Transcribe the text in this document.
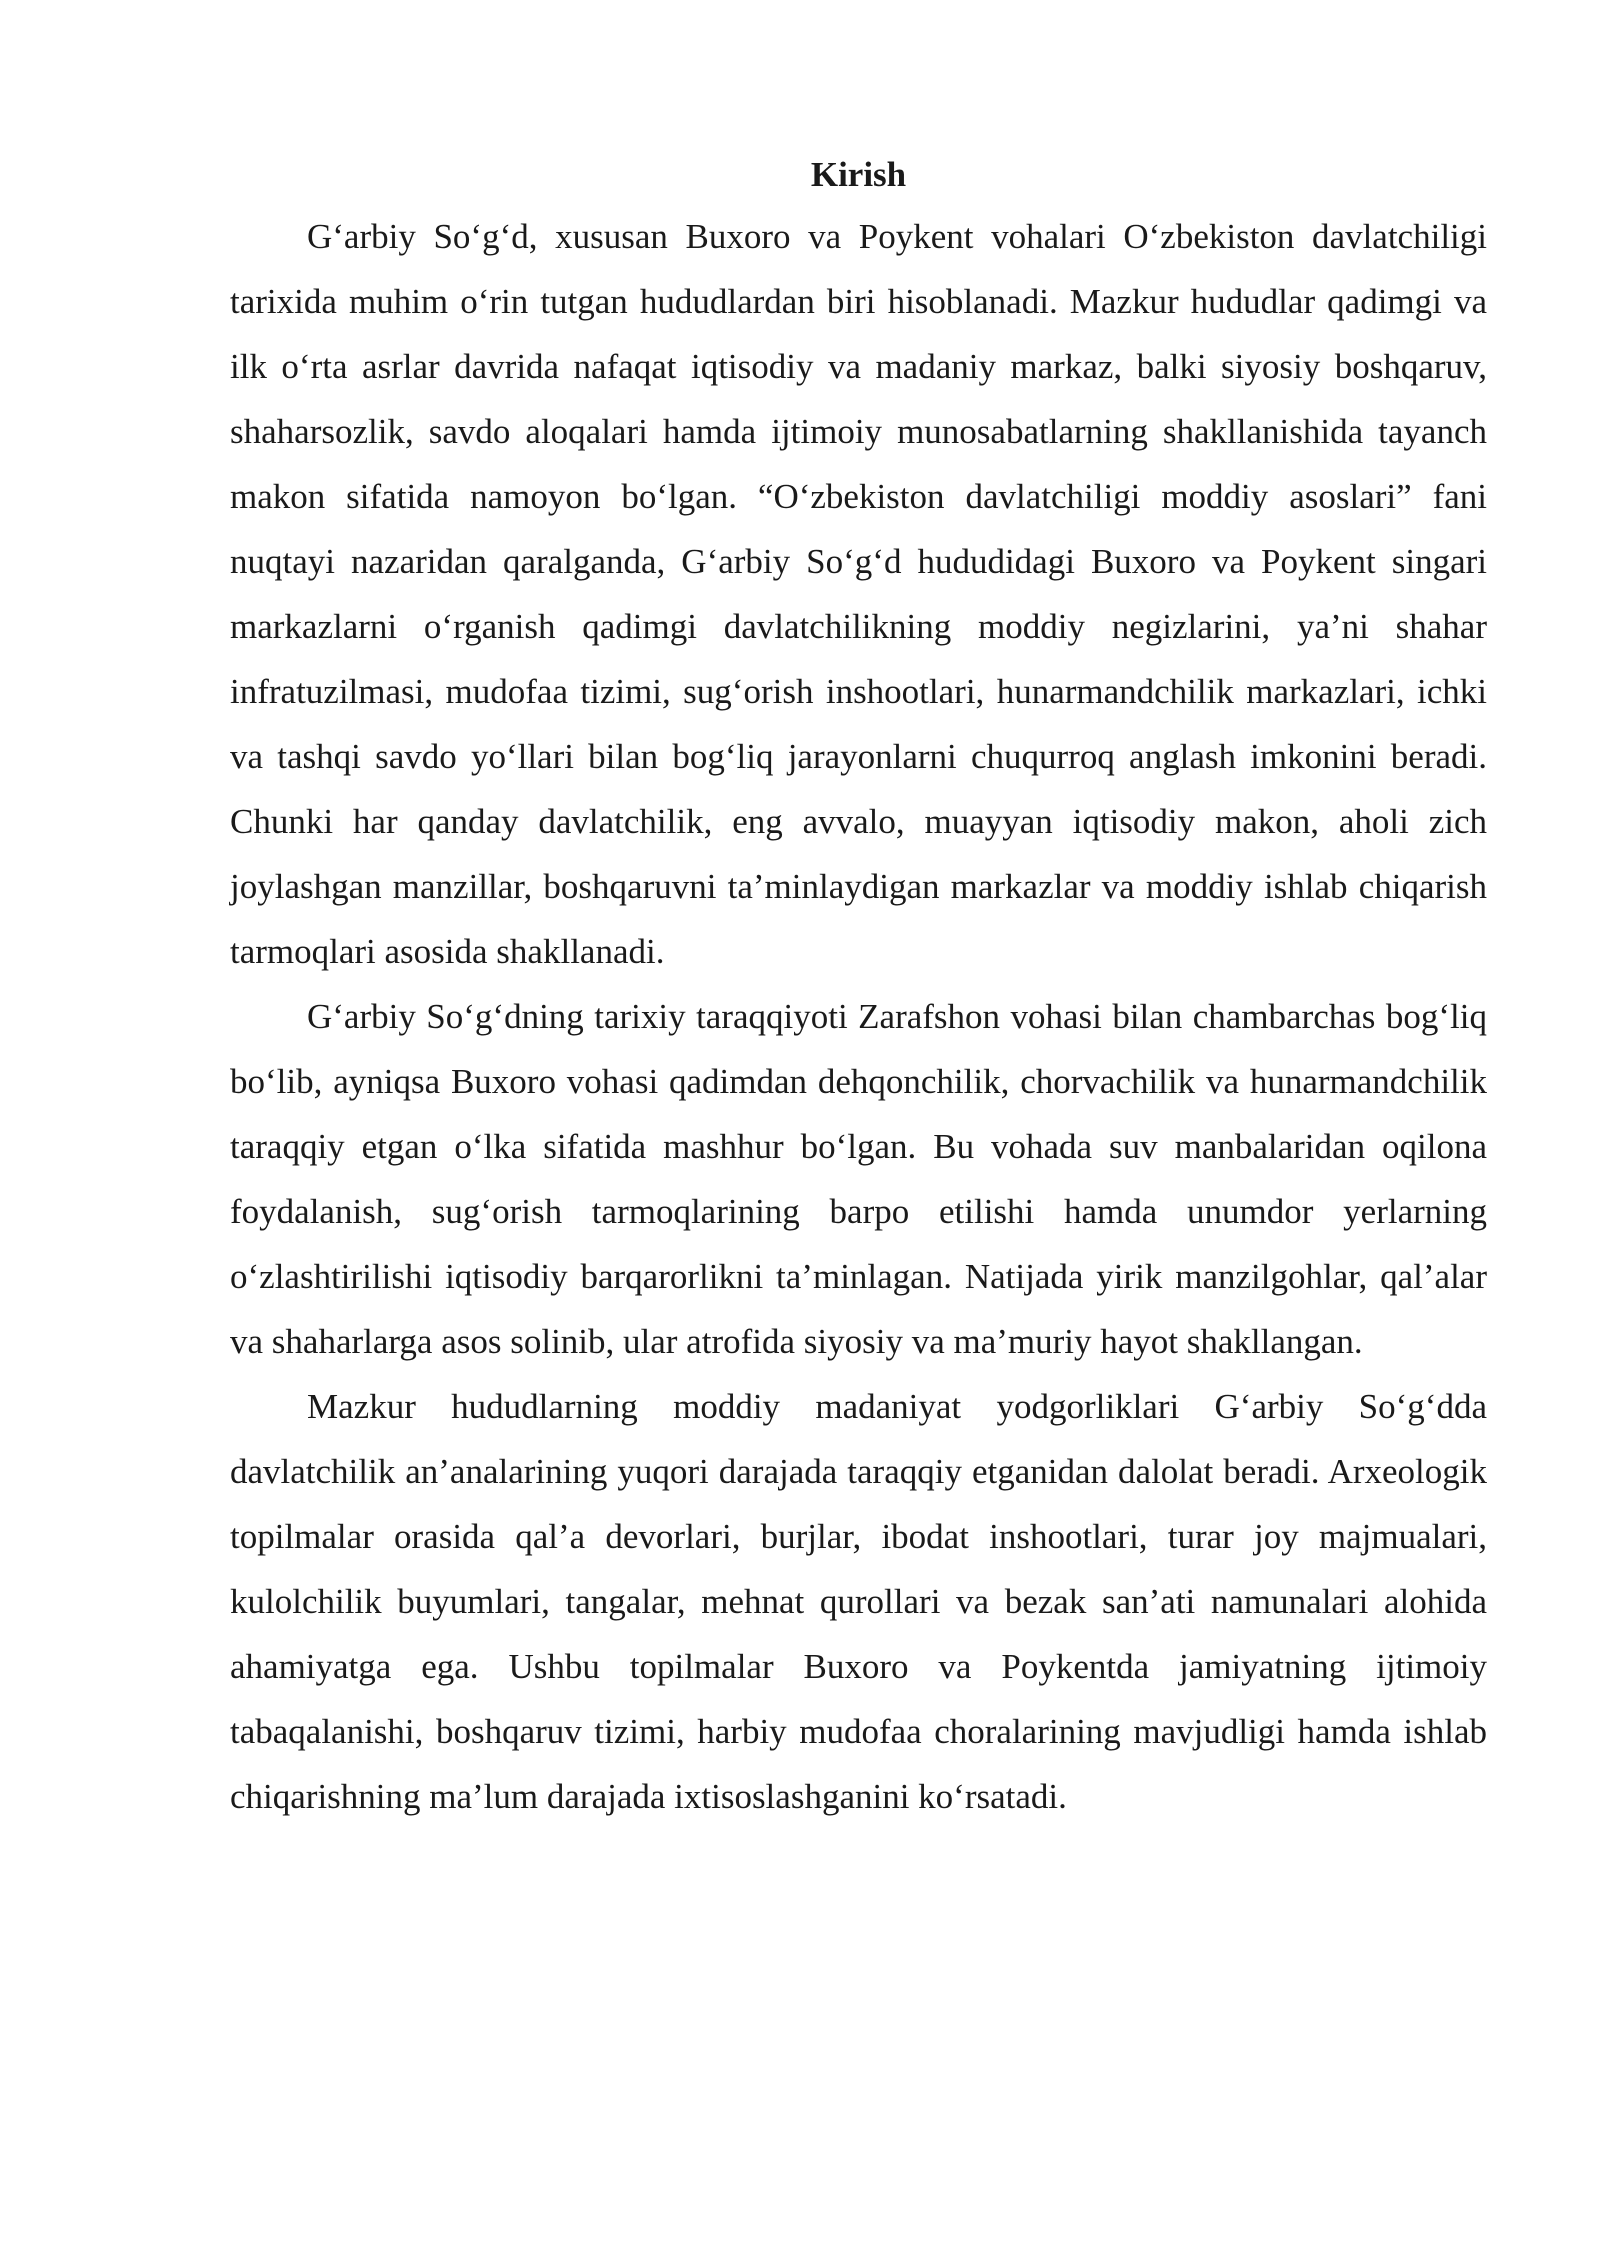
Kirish

G‘arbiy So‘g‘d, xususan Buxoro va Poykent vohalari O‘zbekiston davlatchiligi tarixida muhim o‘rin tutgan hududlardan biri hisoblanadi. Mazkur hududlar qadimgi va ilk o‘rta asrlar davrida nafaqat iqtisodiy va madaniy markaz, balki siyosiy boshqaruv, shaharsozlik, savdo aloqalari hamda ijtimoiy munosabatlarning shakllanishida tayanch makon sifatida namoyon bo‘lgan. “O‘zbekiston davlatchiligi moddiy asoslari” fani nuqtayi nazaridan qaralganda, G‘arbiy So‘g‘d hududidagi Buxoro va Poykent singari markazlarni o‘rganish qadimgi davlatchilikning moddiy negizlarini, ya’ni shahar infratuzilmasi, mudofaa tizimi, sug‘orish inshootlari, hunarmandchilik markazlari, ichki va tashqi savdo yo‘llari bilan bog‘liq jarayonlarni chuqurroq anglash imkonini beradi. Chunki har qanday davlatchilik, eng avvalo, muayyan iqtisodiy makon, aholi zich joylashgan manzillar, boshqaruvni ta’minlaydigan markazlar va moddiy ishlab chiqarish tarmoqlari asosida shakllanadi.

G‘arbiy So‘g‘dning tarixiy taraqqiyoti Zarafshon vohasi bilan chambarchas bog‘liq bo‘lib, ayniqsa Buxoro vohasi qadimdan dehqonchilik, chorvachilik va hunarmandchilik taraqqiy etgan o‘lka sifatida mashhur bo‘lgan. Bu vohada suv manbalaridan oqilona foydalanish, sug‘orish tarmoqlarining barpo etilishi hamda unumdor yerlarning o‘zlashtirilishi iqtisodiy barqarorlikni ta’minlagan. Natijada yirik manzilgohlar, qal’alar va shaharlarga asos solinib, ular atrofida siyosiy va ma’muriy hayot shakllangan.

Mazkur hududlarning moddiy madaniyat yodgorliklari G‘arbiy So‘g‘dda davlatchilik an’analarining yuqori darajada taraqqiy etganidan dalolat beradi. Arxeologik topilmalar orasida qal’a devorlari, burjlar, ibodat inshootlari, turar joy majmualari, kulolchilik buyumlari, tangalar, mehnat qurollari va bezak san’ati namunalari alohida ahamiyatga ega. Ushbu topilmalar Buxoro va Poykentda jamiyatning ijtimoiy tabaqalanishi, boshqaruv tizimi, harbiy mudofaa choralarining mavjudligi hamda ishlab chiqarishning ma’lum darajada ixtisoslashganini ko‘rsatadi.
